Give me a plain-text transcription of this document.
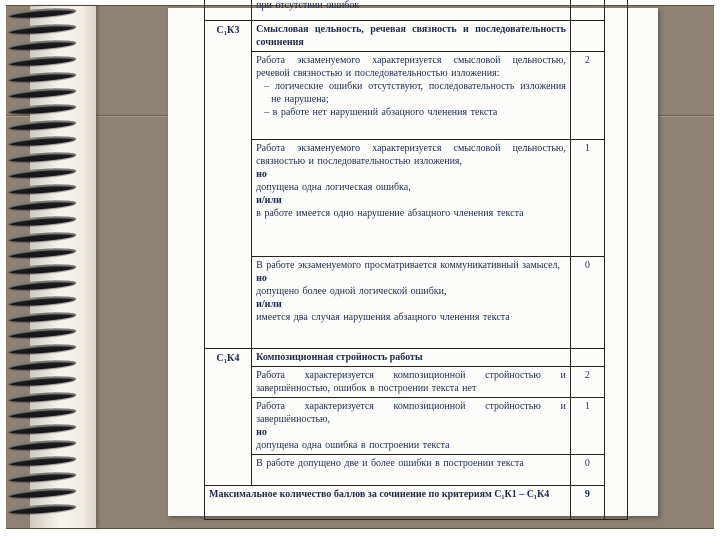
	при отсутствии ошибок		

С₁К3	Смысловая цельность, речевая связность и последовательность сочинения		

	Работа экзаменуемого характеризуется смысловой цельностью, речевой связностью и последовательностью изложения:
– логические ошибки отсутствуют, последовательность изложения не нарушена;
– в работе нет нарушений абзацного членения текста	2	

	Работа экзаменуемого характеризуется смысловой цельностью, связностью и последовательностью изложения,
но
допущена одна логическая ошибка,
и/или
в работе имеется одно нарушение абзацного членения текста	1	

	В работе экзаменуемого просматривается коммуникативный замысел,
но
допущено более одной логической ошибки,
и/или
имеется два случая нарушения абзацного членения текста	0	
С₁К4	Композиционная стройность работы		

	Работа характеризуется композиционной стройностью и завершённостью, ошибок в построении текста нет	2	

	Работа характеризуется композиционной стройностью и завершённостью,
но
допущена одна ошибка в построении текста	1	

	В работе допущено две и более ошибки в построении текста	0	
Максимальное количество баллов за сочинение по критериям С₁К1 – С₁К4		9	
